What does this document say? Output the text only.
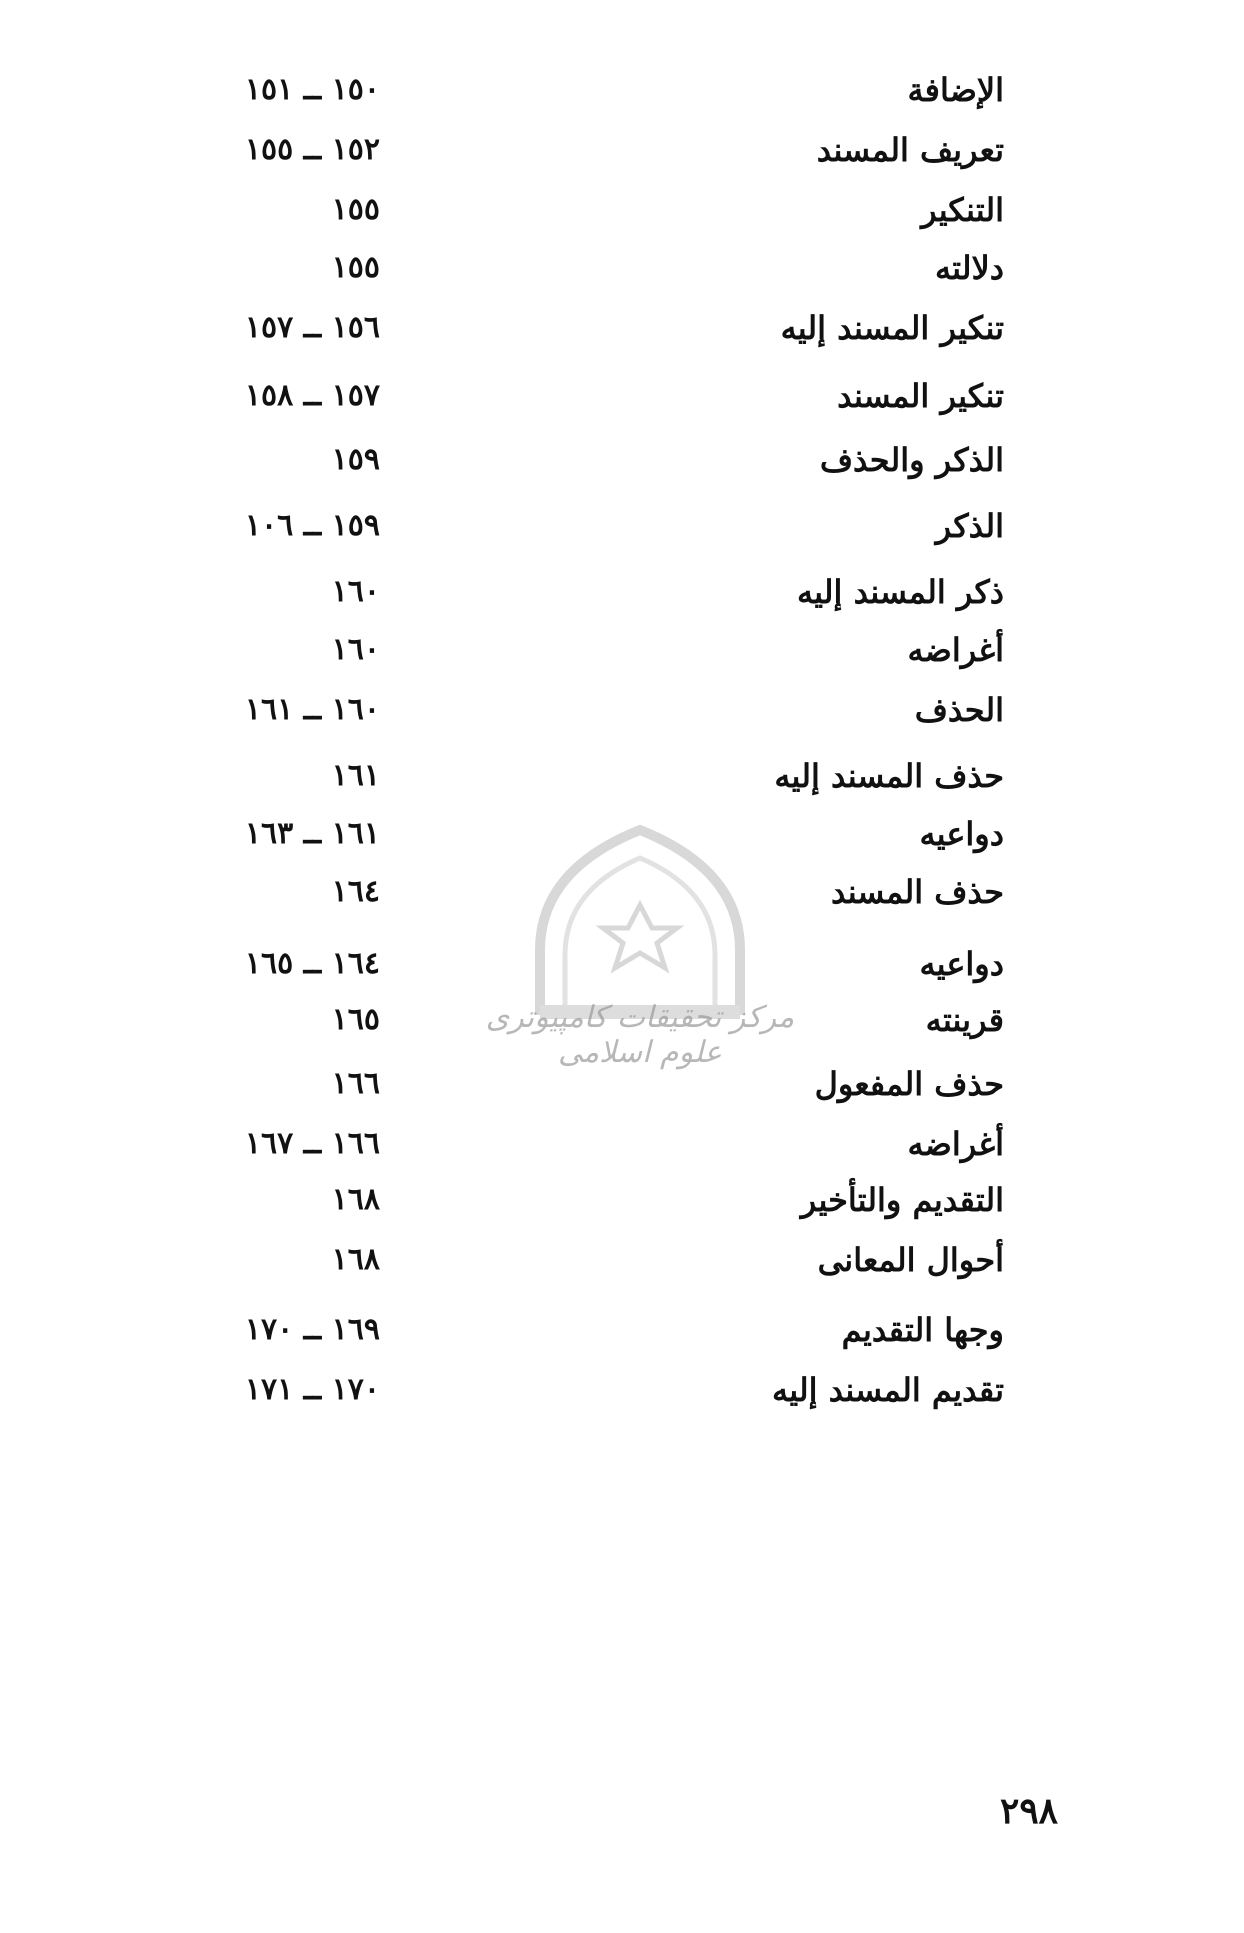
مرکز تحقیقات کامپیوتری علوم اسلامی
الإضافة
١٥٠ ــ ١٥١
تعريف المسند
١٥٢ ــ ١٥٥
التنكير
١٥٥
دلالته
١٥٥
تنكير المسند إليه
١٥٦ ــ ١٥٧
تنكير المسند
١٥٧ ــ ١٥٨
الذكر والحذف
١٥٩
الذكر
١٥٩ ــ ١٠٦
ذكر المسند إليه
١٦٠
أغراضه
١٦٠
الحذف
١٦٠ ــ ١٦١
حذف المسند إليه
١٦١
دواعيه
١٦١ ــ ١٦٣
حذف المسند
١٦٤
دواعيه
١٦٤ ــ ١٦٥
قرينته
١٦٥
حذف المفعول
١٦٦
أغراضه
١٦٦ ــ ١٦٧
التقديم والتأخير
١٦٨
أحوال المعانى
١٦٨
وجها التقديم
١٦٩ ــ ١٧٠
تقديم المسند إليه
١٧٠ ــ ١٧١
٢٩٨
